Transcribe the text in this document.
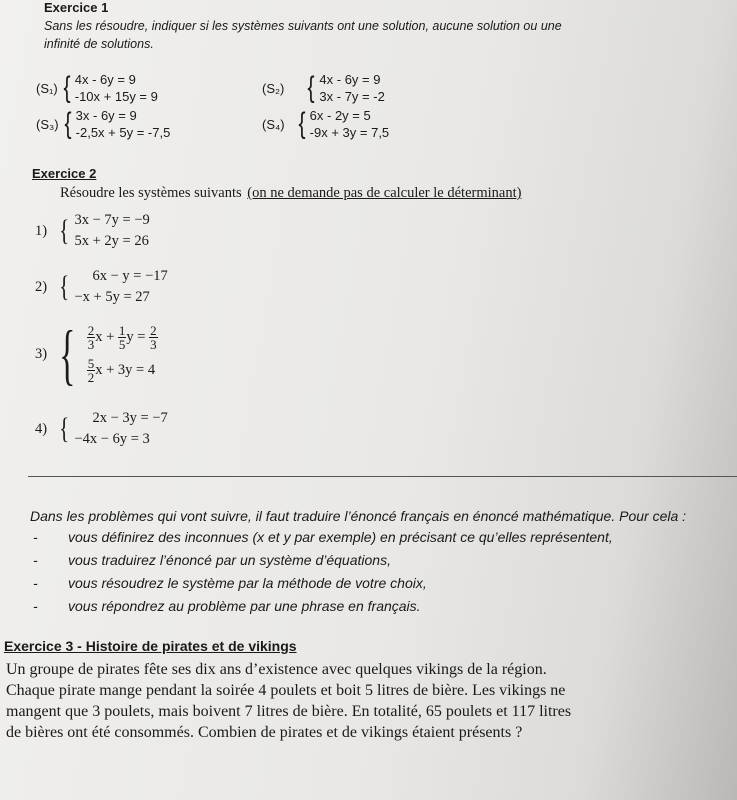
Exercice 1
Sans les résoudre, indiquer si les systèmes suivants ont une solution, aucune solution ou une
infinité de solutions.
(S₁) { 4x - 6y = 9
-10x + 15y = 9
(S₂) { 4x - 6y = 9
3x - 7y = -2
(S₃) { 3x - 6y = 9
-2,5x + 5y = -7,5
(S₄) { 6x - 2y = 5
-9x + 3y = 7,5
Exercice 2
Résoudre les systèmes suivants (on ne demande pas de calculer le déterminant)
1) { 3x − 7y = −9
5x + 2y = 26
2) {	6x − y = −17
−x + 5y = 27
3) { $\frac{2}{3}$ $x + \frac{1}{5}$ $y = \frac{2}{3}$
$\frac{5}{2}$ x + 3y = 4
4) {	2x − 3y = −7
−4x − 6y = 3
Dans les problèmes qui vont suivre, il faut traduire l’énoncé français en énoncé mathématique. Pour cela :
- vous définirez des inconnues (x et y par exemple) en précisant ce qu’elles représentent,
- vous traduirez l’énoncé par un système d’équations,
- vous résoudrez le système par la méthode de votre choix,
- vous répondrez au problème par une phrase en français.
Exercice 3 - Histoire de pirates et de vikings
Un groupe de pirates fête ses dix ans d’existence avec quelques vikings de la région.
Chaque pirate mange pendant la soirée 4 poulets et boit 5 litres de bière. Les vikings ne
mangent que 3 poulets, mais boivent 7 litres de bière. En totalité, 65 poulets et 117 litres
de bières ont été consommés. Combien de pirates et de vikings étaient présents ?
